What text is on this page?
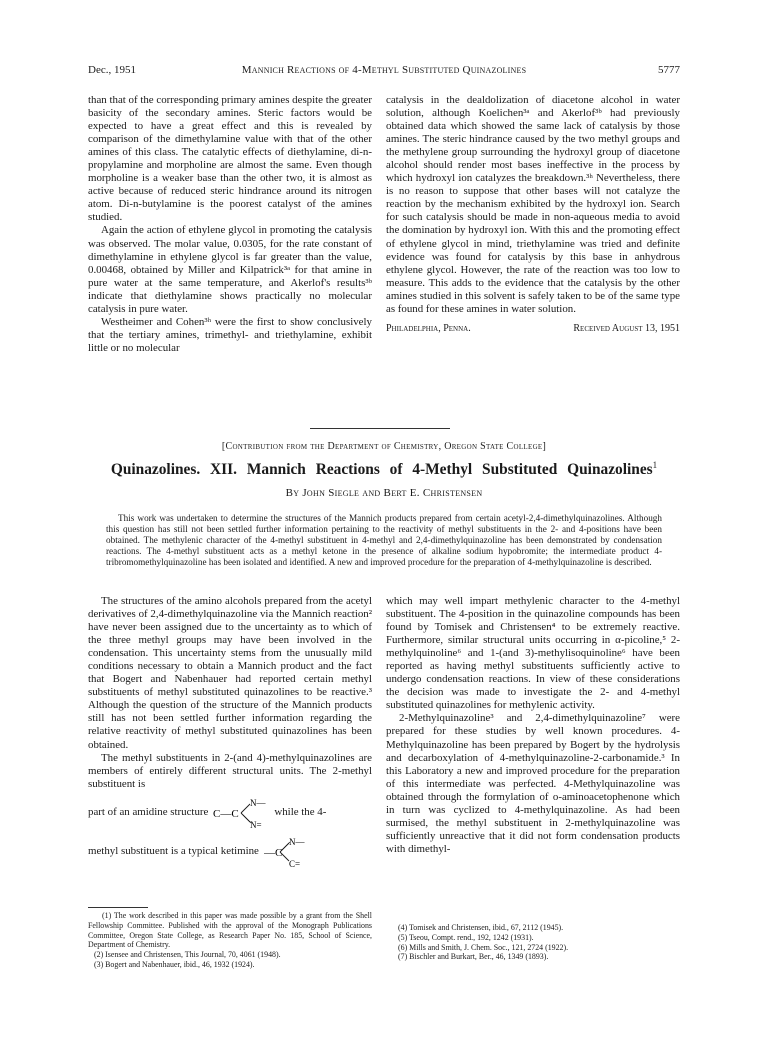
Dec., 1951	Mannich Reactions of 4-Methyl Substituted Quinazolines	5777

than that of the corresponding primary amines despite the greater basicity of the secondary amines. Steric factors would be expected to have a great effect and this is revealed by comparison of the dimethylamine value with that of the other amines of this class. The catalytic effects of diethylamine, di-n-propylamine and morpholine are almost the same. Even though morpholine is a weaker base than the other two, it is almost as active because of reduced steric hindrance around its nitrogen atom. Di-n-butylamine is the poorest catalyst of the amines studied.

Again the action of ethylene glycol in promoting the catalysis was observed. The molar value, 0.0305, for the rate constant of dimethylamine in ethylene glycol is far greater than the value, 0.00468, obtained by Miller and Kilpatrick³ᵃ for that amine in pure water at the same temperature, and Akerlof's results³ᵇ indicate that diethylamine shows practically no molecular catalysis in pure water.

Westheimer and Cohen³ʰ were the first to show conclusively that the tertiary amines, trimethyl- and triethylamine, exhibit little or no molecular

catalysis in the dealdolization of diacetone alcohol in water solution, although Koelichen³ᵃ and Akerlof³ᵇ had previously obtained data which showed the same lack of catalysis by those amines. The steric hindrance caused by the two methyl groups and the methylene group surrounding the hydroxyl group of diacetone alcohol should render most bases ineffective in the process by which hydroxyl ion catalyzes the breakdown.³ʰ Nevertheless, there is no reason to suppose that other bases will not catalyze the reaction by the mechanism exhibited by the hydroxyl ion. Search for such catalysis should be made in non-aqueous media to avoid the domination by hydroxyl ion. With this and the promoting effect of ethylene glycol in mind, triethylamine was tried and definite evidence was found for catalysis by this base in anhydrous ethylene glycol. However, the rate of the reaction was too low to measure. This adds to the evidence that the catalysis by the other amines studied in this solvent is safely taken to be of the same type as found for these amines in water solution.

Philadelphia, Penna.	Received August 13, 1951
[Contribution from the Department of Chemistry, Oregon State College]
Quinazolines. XII. Mannich Reactions of 4-Methyl Substituted Quinazolines$^1$
By John Siegle and Bert E. Christensen
This work was undertaken to determine the structures of the Mannich products prepared from certain acetyl-2,4-dimethylquinazolines. Although this question has still not been settled further information pertaining to the reactivity of methyl substituents in the 2- and 4-positions have been obtained. The methylenic character of the 4-methyl substituent in 4-methyl and 2,4-dimethylquinazoline has been demonstrated by condensation reactions. The 4-methyl substituent acts as a methyl ketone in the presence of alkaline sodium hypobromite; the intermediate product 4-tribromomethylquinazoline has been isolated and identified. A new and improved procedure for the preparation of 4-methylquinazoline is described.

The structures of the amino alcohols prepared from the acetyl derivatives of 2,4-dimethylquinazoline via the Mannich reaction² have never been assigned due to the uncertainty as to which of the three methyl groups may have been involved in the condensation. This uncertainty stems from the unusually mild conditions necessary to obtain a Mannich product and the fact that Bogert and Nabenhauer had reported certain methyl substituents of methyl substituted quinazolines to be reactive.³ Although the question of the structure of the Mannich products still has not been settled further information regarding the relative reactivity of methyl substituted quinazolines has been obtained.

The methyl substituents in 2-(and 4)-methylquinazolines are members of entirely different structural units. The 2-methyl substituent is

part of an amidine structure C—C
N—
N=
while the 4-
methyl substituent is a typical ketimine —C
N—
C=

which may well impart methylenic character to the 4-methyl substituent. The 4-position in the quinazoline compounds has been found by Tomisek and Christensen⁴ to be extremely reactive. Furthermore, similar structural units occurring in α-picoline,⁵ 2-methylquinoline⁶ and 1-(and 3)-methylisoquinoline⁶ have been reported as having methyl substituents sufficiently active to undergo condensation reactions. In view of these considerations the decision was made to investigate the 2- and 4-methyl substituted quinazolines for methylenic activity.

2-Methylquinazoline³ and 2,4-dimethylquinazoline⁷ were prepared for these studies by well known procedures. 4-Methylquinazoline has been prepared by Bogert by the hydrolysis and decarboxylation of 4-methylquinazoline-2-carbonamide.³ In this Laboratory a new and improved procedure for the preparation of this intermediate was perfected. 4-Methylquinazoline was obtained through the formylation of o-aminoacetophenone which in turn was cyclized to 4-methylquinazoline. As had been surmised, the methyl substituent in 2-methylquinazoline was sufficiently unreactive that it did not form condensation products with dimethyl-

(1) The work described in this paper was made possible by a grant from the Shell Fellowship Committee. Published with the approval of the Monograph Publications Committee, Oregon State College, as Research Paper No. 185, School of Science, Department of Chemistry.

(2) Isensee and Christensen, This Journal, 70, 4061 (1948).

(3) Bogert and Nabenhauer, ibid., 46, 1932 (1924).

(4) Tomisek and Christensen, ibid., 67, 2112 (1945).

(5) Tseou, Compt. rend., 192, 1242 (1931).

(6) Mills and Smith, J. Chem. Soc., 121, 2724 (1922).

(7) Bischler and Burkart, Ber., 46, 1349 (1893).
